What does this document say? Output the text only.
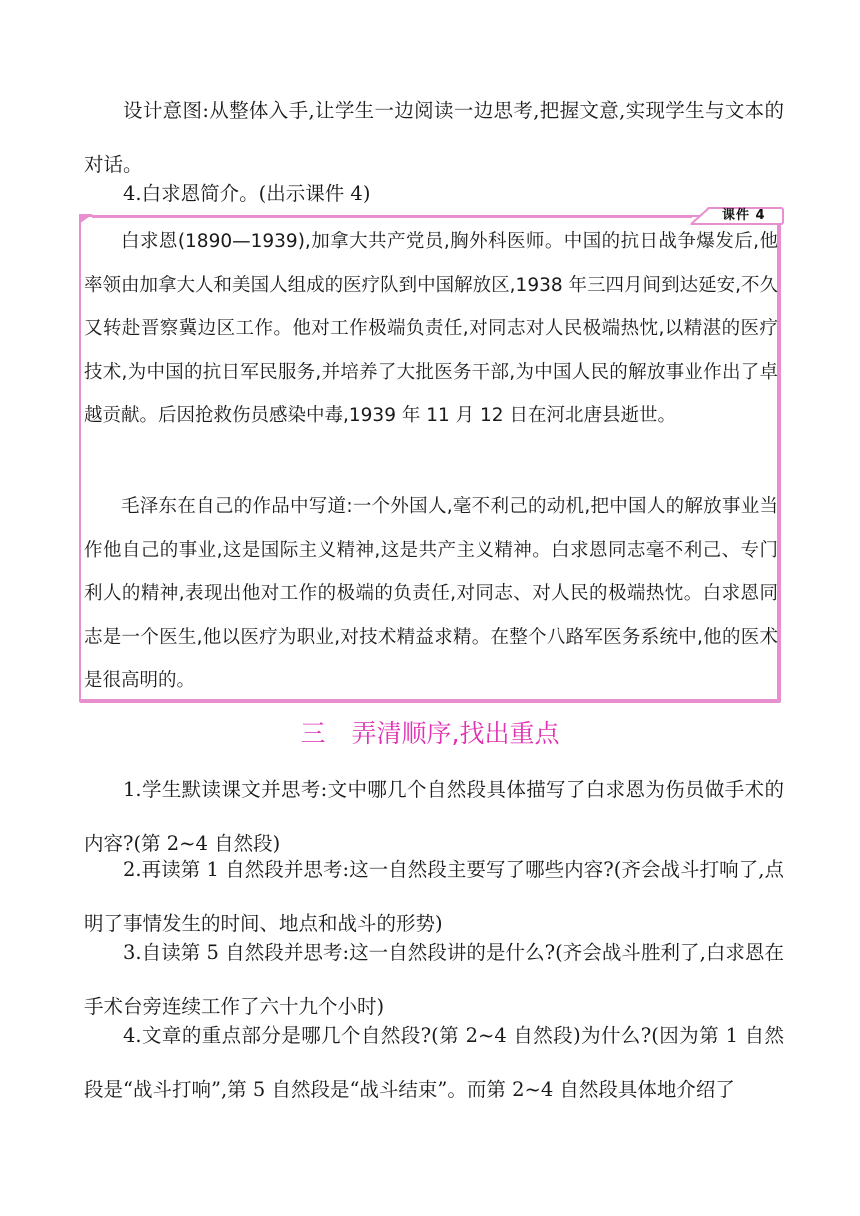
设计意图:从整体入手,让学生一边阅读一边思考,把握文意,实现学生与文本的对话。

4.白求恩简介。(出示课件 4)

课件 4

白求恩(1890—1939),加拿大共产党员,胸外科医师。中国的抗日战争爆发后,他率领由加拿大人和美国人组成的医疗队到中国解放区,1938 年三四月间到达延安,不久又转赴晋察冀边区工作。他对工作极端负责任,对同志对人民极端热忱,以精湛的医疗技术,为中国的抗日军民服务,并培养了大批医务干部,为中国人民的解放事业作出了卓越贡献。后因抢救伤员感染中毒,1939 年 11 月 12 日在河北唐县逝世。

毛泽东在自己的作品中写道:一个外国人,毫不利己的动机,把中国人的解放事业当作他自己的事业,这是国际主义精神,这是共产主义精神。白求恩同志毫不利己、专门利人的精神,表现出他对工作的极端的负责任,对同志、对人民的极端热忱。白求恩同志是一个医生,他以医疗为职业,对技术精益求精。在整个八路军医务系统中,他的医术是很高明的。

三 弄清顺序,找出重点

1.学生默读课文并思考:文中哪几个自然段具体描写了白求恩为伤员做手术的内容?(第 2~4 自然段)

2.再读第 1 自然段并思考:这一自然段主要写了哪些内容?(齐会战斗打响了,点明了事情发生的时间、地点和战斗的形势)

3.自读第 5 自然段并思考:这一自然段讲的是什么?(齐会战斗胜利了,白求恩在手术台旁连续工作了六十九个小时)

4.文章的重点部分是哪几个自然段?(第 2~4 自然段)为什么?(因为第 1 自然段是“战斗打响”,第 5 自然段是“战斗结束”。而第 2~4 自然段具体地介绍了
